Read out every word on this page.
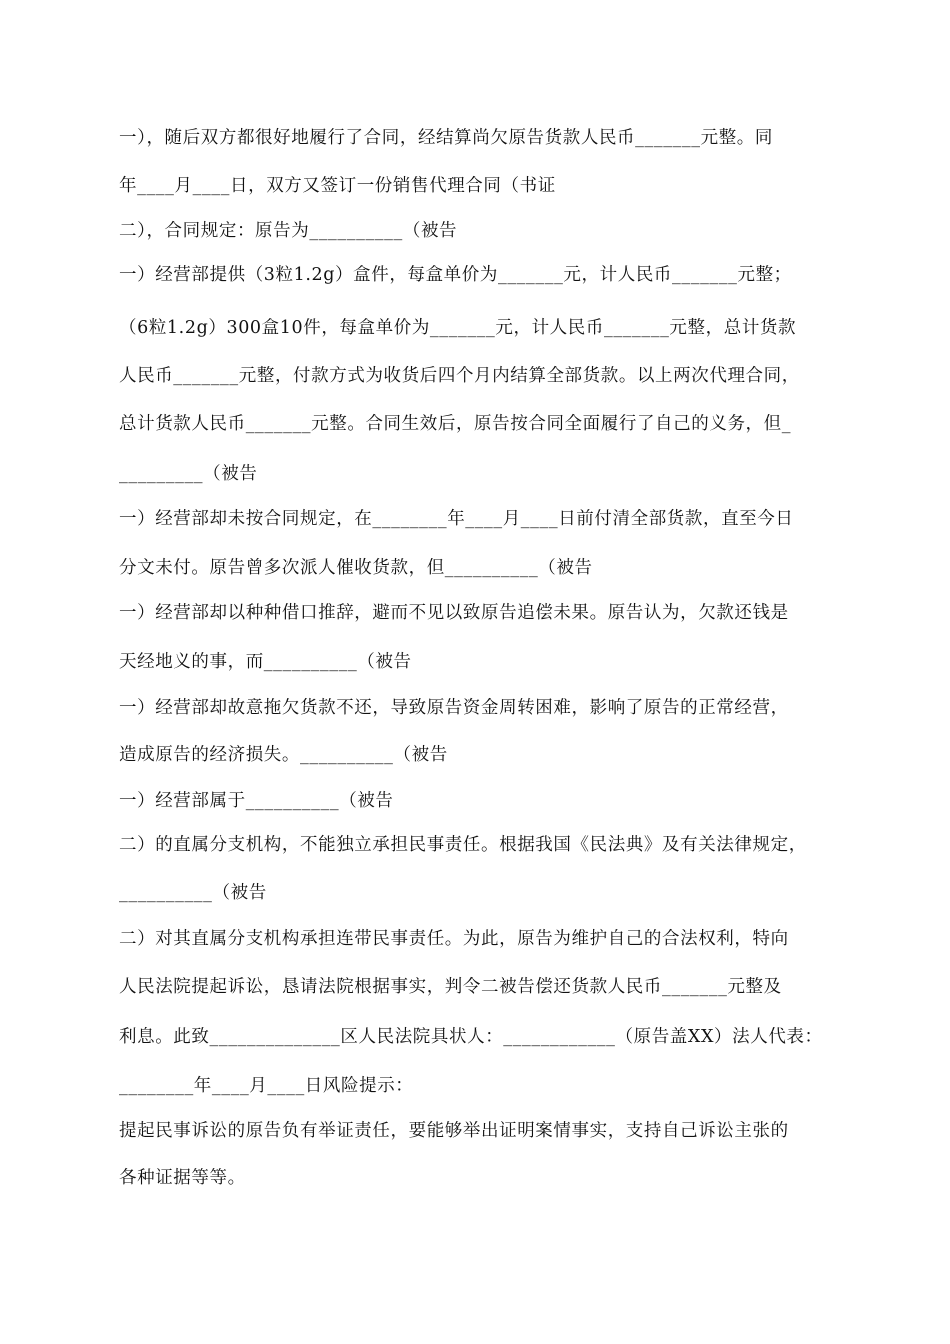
一），随后双方都很好地履行了合同，经结算尚欠原告货款人民币_______元整。同
年____月____日，双方又签订一份销售代理合同（书证
二），合同规定：原告为__________（被告
一）经营部提供（3粒1.2g）盒件，每盒单价为_______元，计人民币_______元整；
（6粒1.2g）300盒10件，每盒单价为_______元，计人民币_______元整，总计货款
人民币_______元整，付款方式为收货后四个月内结算全部货款。以上两次代理合同，
总计货款人民币_______元整。合同生效后，原告按合同全面履行了自己的义务，但_
_________（被告
一）经营部却未按合同规定，在________年____月____日前付清全部货款，直至今日
分文未付。原告曾多次派人催收货款，但__________（被告
一）经营部却以种种借口推辞，避而不见以致原告追偿未果。原告认为，欠款还钱是
天经地义的事，而__________（被告
一）经营部却故意拖欠货款不还，导致原告资金周转困难，影响了原告的正常经营，
造成原告的经济损失。__________（被告
一）经营部属于__________（被告
二）的直属分支机构，不能独立承担民事责任。根据我国《民法典》及有关法律规定，
__________（被告
二）对其直属分支机构承担连带民事责任。为此，原告为维护自己的合法权利，特向
人民法院提起诉讼，恳请法院根据事实，判令二被告偿还货款人民币_______元整及
利息。此致______________区人民法院具状人：____________（原告盖XX）法人代表：
________年____月____日风险提示：
提起民事诉讼的原告负有举证责任，要能够举出证明案情事实，支持自己诉讼主张的
各种证据等等。
